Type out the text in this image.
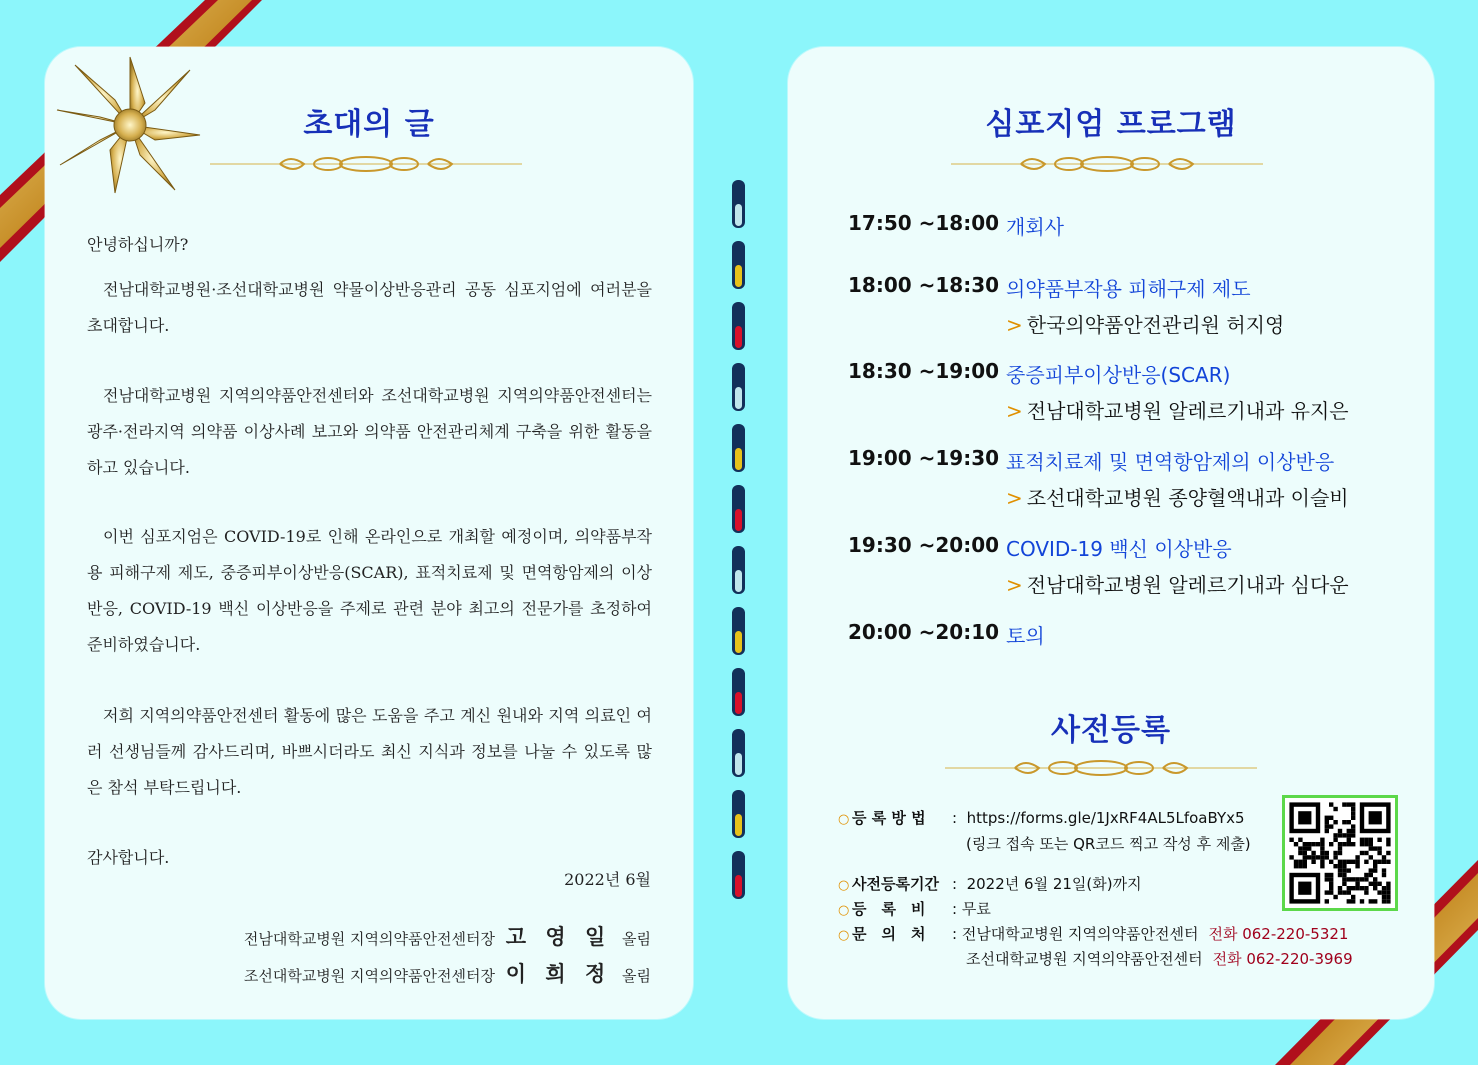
초대의 글

안녕하십니까?

전남대학교병원·조선대학교병원 약물이상반응관리 공동 심포지엄에 여러분을 초대합니다.

전남대학교병원 지역의약품안전센터와 조선대학교병원 지역의약품안전센터는 광주·전라지역 의약품 이상사례 보고와 의약품 안전관리체계 구축을 위한 활동을 하고 있습니다.

이번 심포지엄은 COVID-19로 인해 온라인으로 개최할 예정이며, 의약품부작용 피해구제 제도, 중증피부이상반응(SCAR), 표적치료제 및 면역항암제의 이상반응, COVID-19 백신 이상반응을 주제로 관련 분야 최고의 전문가를 초정하여 준비하였습니다.

저희 지역의약품안전센터 활동에 많은 도움을 주고 계신 원내와 지역 의료인 여러 선생님들께 감사드리며, 바쁘시더라도 최신 지식과 정보를 나눌 수 있도록 많은 참석 부탁드립니다.

감사합니다.

2022년 6월
전남대학교병원 지역의약품안전센터장 고 영 일 올림
조선대학교병원 지역의약품안전센터장 이 희 정 올림
심포지엄 프로그램
17:50 ~18:00 개회사
18:00 ~18:30 의약품부작용 피해구제 제도
> 한국의약품안전관리원 허지영
18:30 ~19:00 중증피부이상반응(SCAR)
> 전남대학교병원 알레르기내과 유지은
19:00 ~19:30 표적치료제 및 면역항암제의 이상반응
> 조선대학교병원 종양혈액내과 이슬비
19:30 ~20:00 COVID-19 백신 이상반응
> 전남대학교병원 알레르기내과 심다운
20:00 ~20:10 토의
사전등록
○ 등 록 방 법 :  https://forms.gle/1JxRF4AL5LfoaBYx5
(링크 접속 또는 QR코드 찍고 작성 후 제출)
○ 사전등록기간 :  2022년 6월 21일(화)까지
○ 등　록　비 : 무료
○ 문　의　처 : 전남대학교병원 지역의약품안전센터 전화 062-220-5321
조선대학교병원 지역의약품안전센터 전화 062-220-3969
